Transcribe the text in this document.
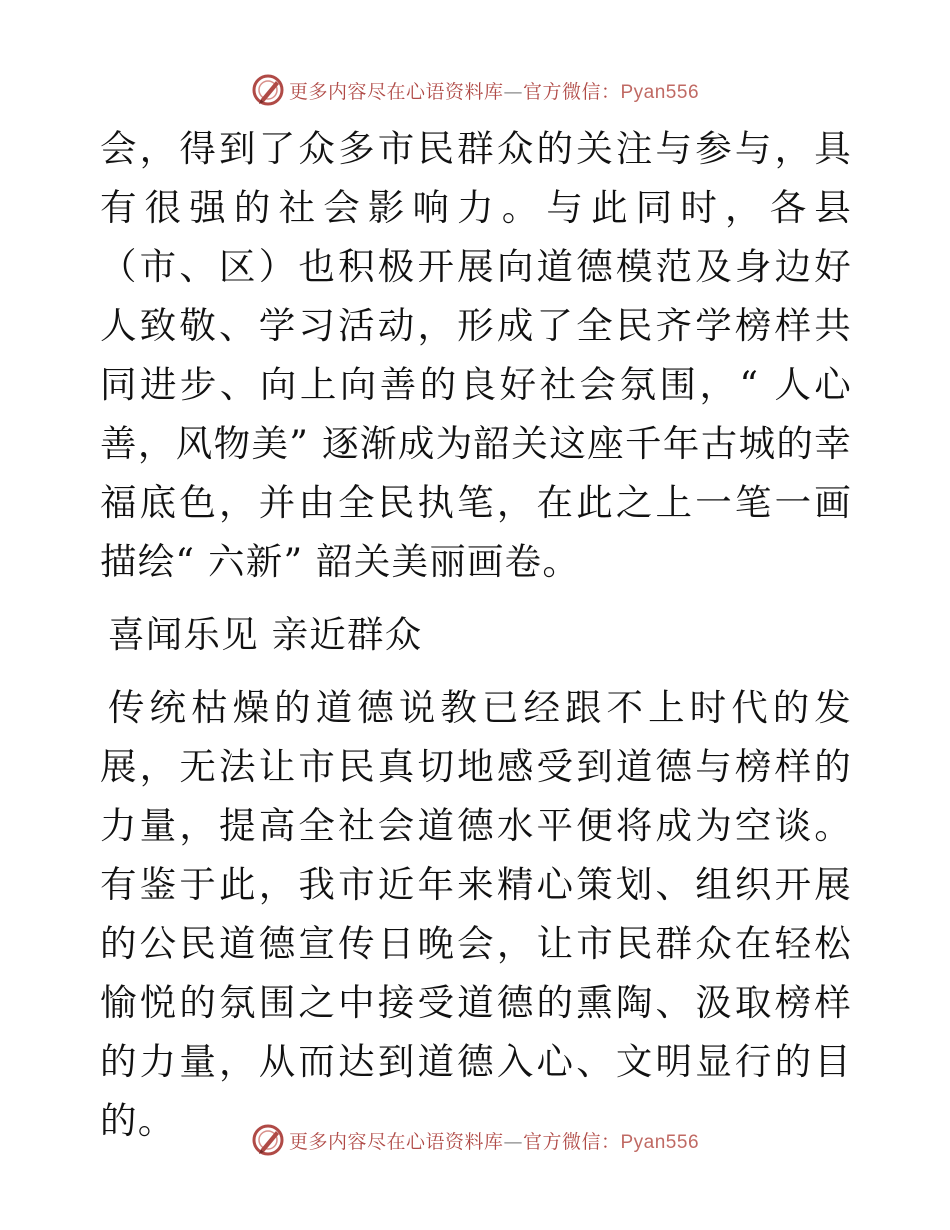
更多内容尽在心语资料库—官方微信：Pyan556

会，得到了众多市民群众的关注与参与，具有很强的社会影响力。与此同时，各县（市、区）也积极开展向道德模范及身边好人致敬、学习活动，形成了全民齐学榜样共同进步、向上向善的良好社会氛围，“ 人心善，风物美” 逐渐成为韶关这座千年古城的幸福底色，并由全民执笔，在此之上一笔一画描绘“ 六新” 韶关美丽画卷。

喜闻乐见 亲近群众

传统枯燥的道德说教已经跟不上时代的发展，无法让市民真切地感受到道德与榜样的力量，提高全社会道德水平便将成为空谈。有鉴于此，我市近年来精心策划、组织开展的公民道德宣传日晚会，让市民群众在轻松愉悦的氛围之中接受道德的熏陶、汲取榜样的力量，从而达到道德入心、文明显行的目的。	更多内容尽在心语资料库—官方微信：Pyan556
